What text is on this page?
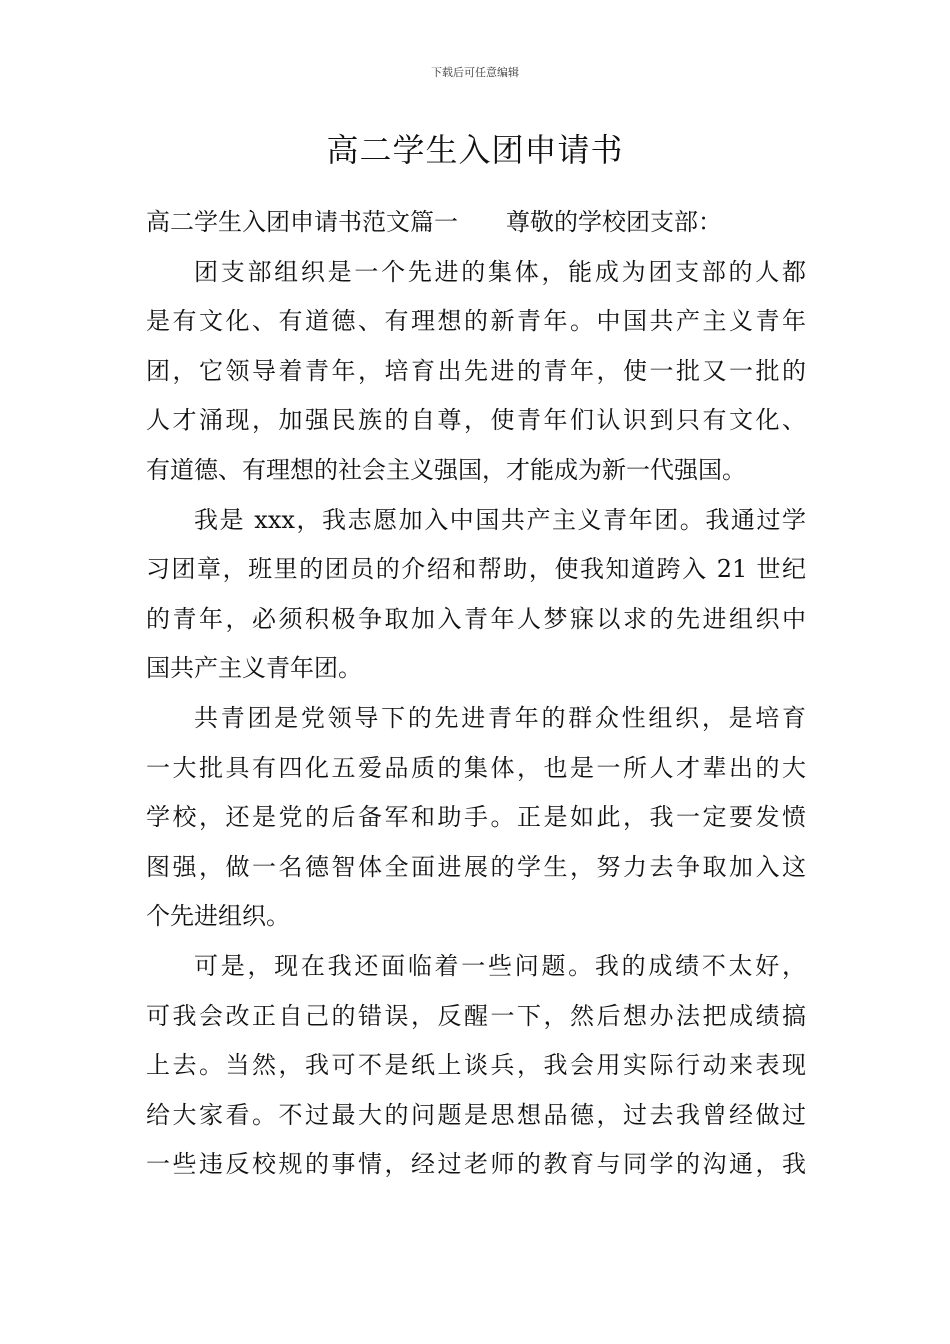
下载后可任意编辑
高二学生入团申请书
高二学生入团申请书范文篇一 尊敬的学校团支部：
团支部组织是一个先进的集体，能成为团支部的人都
是有文化、有道德、有理想的新青年。中国共产主义青年
团，它领导着青年，培育出先进的青年，使一批又一批的
人才涌现，加强民族的自尊，使青年们认识到只有文化、
有道德、有理想的社会主义强国，才能成为新一代强国。
我是 xxx，我志愿加入中国共产主义青年团。我通过学
习团章，班里的团员的介绍和帮助，使我知道跨入 21 世纪
的青年，必须积极争取加入青年人梦寐以求的先进组织中
国共产主义青年团。
共青团是党领导下的先进青年的群众性组织，是培育
一大批具有四化五爱品质的集体，也是一所人才辈出的大
学校，还是党的后备军和助手。正是如此，我一定要发愤
图强，做一名德智体全面进展的学生，努力去争取加入这
个先进组织。
可是，现在我还面临着一些问题。我的成绩不太好，
可我会改正自己的错误，反醒一下，然后想办法把成绩搞
上去。当然，我可不是纸上谈兵，我会用实际行动来表现
给大家看。不过最大的问题是思想品德，过去我曾经做过
一些违反校规的事情，经过老师的教育与同学的沟通，我
